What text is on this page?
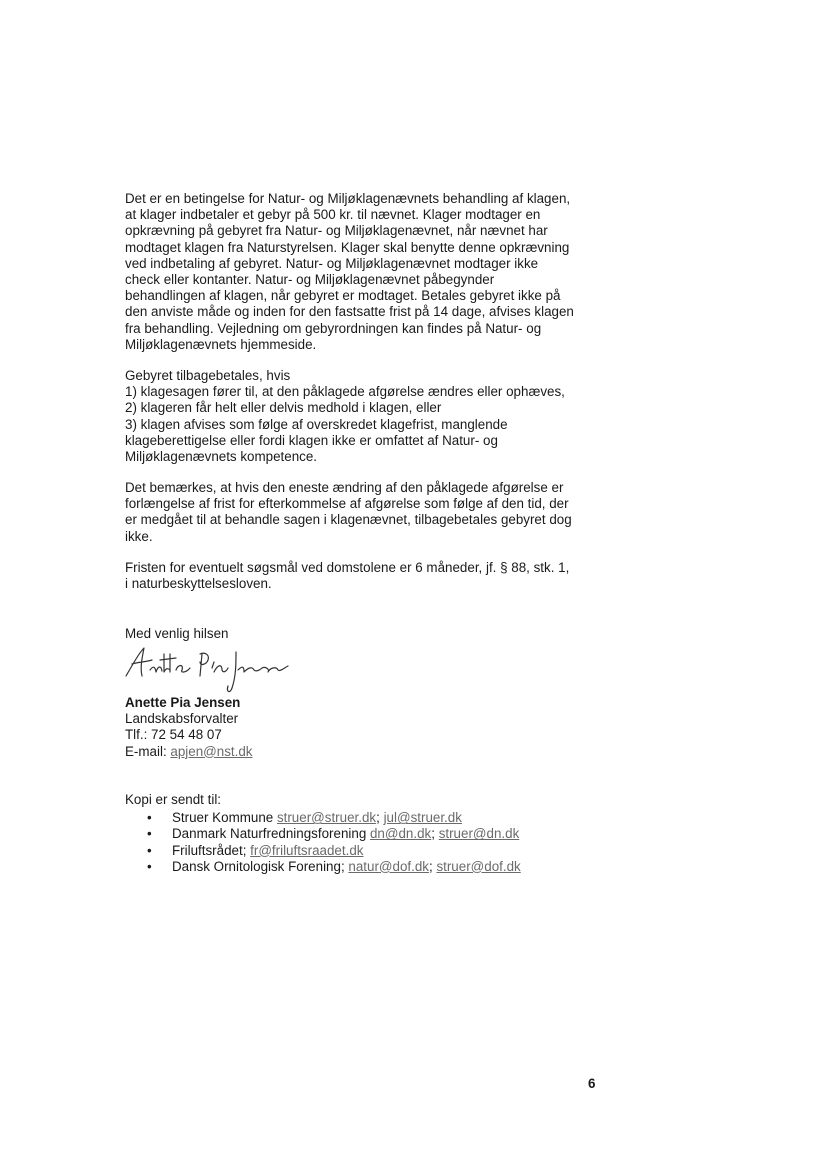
Det er en betingelse for Natur- og Miljøklagenævnets behandling af klagen,

at klager indbetaler et gebyr på 500 kr. til nævnet. Klager modtager en

opkrævning på gebyret fra Natur- og Miljøklagenævnet, når nævnet har

modtaget klagen fra Naturstyrelsen. Klager skal benytte denne opkrævning

ved indbetaling af gebyret. Natur- og Miljøklagenævnet modtager ikke

check eller kontanter. Natur- og Miljøklagenævnet påbegynder

behandlingen af klagen, når gebyret er modtaget. Betales gebyret ikke på

den anviste måde og inden for den fastsatte frist på 14 dage, afvises klagen

fra behandling. Vejledning om gebyrordningen kan findes på Natur- og

Miljøklagenævnets hjemmeside.

Gebyret tilbagebetales, hvis

1) klagesagen fører til, at den påklagede afgørelse ændres eller ophæves,

2) klageren får helt eller delvis medhold i klagen, eller

3) klagen afvises som følge af overskredet klagefrist, manglende

klageberettigelse eller fordi klagen ikke er omfattet af Natur- og

Miljøklagenævnets kompetence.

Det bemærkes, at hvis den eneste ændring af den påklagede afgørelse er

forlængelse af frist for efterkommelse af afgørelse som følge af den tid, der

er medgået til at behandle sagen i klagenævnet, tilbagebetales gebyret dog

ikke.

Fristen for eventuelt søgsmål ved domstolene er 6 måneder, jf. § 88, stk. 1,

i naturbeskyttelsesloven.

Med venlig hilsen

Anette Pia Jensen

Landskabsforvalter

Tlf.: 72 54 48 07

E-mail: apjen@nst.dk

Kopi er sendt til:

• Struer Kommune struer@struer.dk; jul@struer.dk
• Danmark Naturfredningsforening dn@dn.dk; struer@dn.dk
• Friluftsrådet; fr@friluftsraadet.dk
• Dansk Ornitologisk Forening; natur@dof.dk; struer@dof.dk
6
